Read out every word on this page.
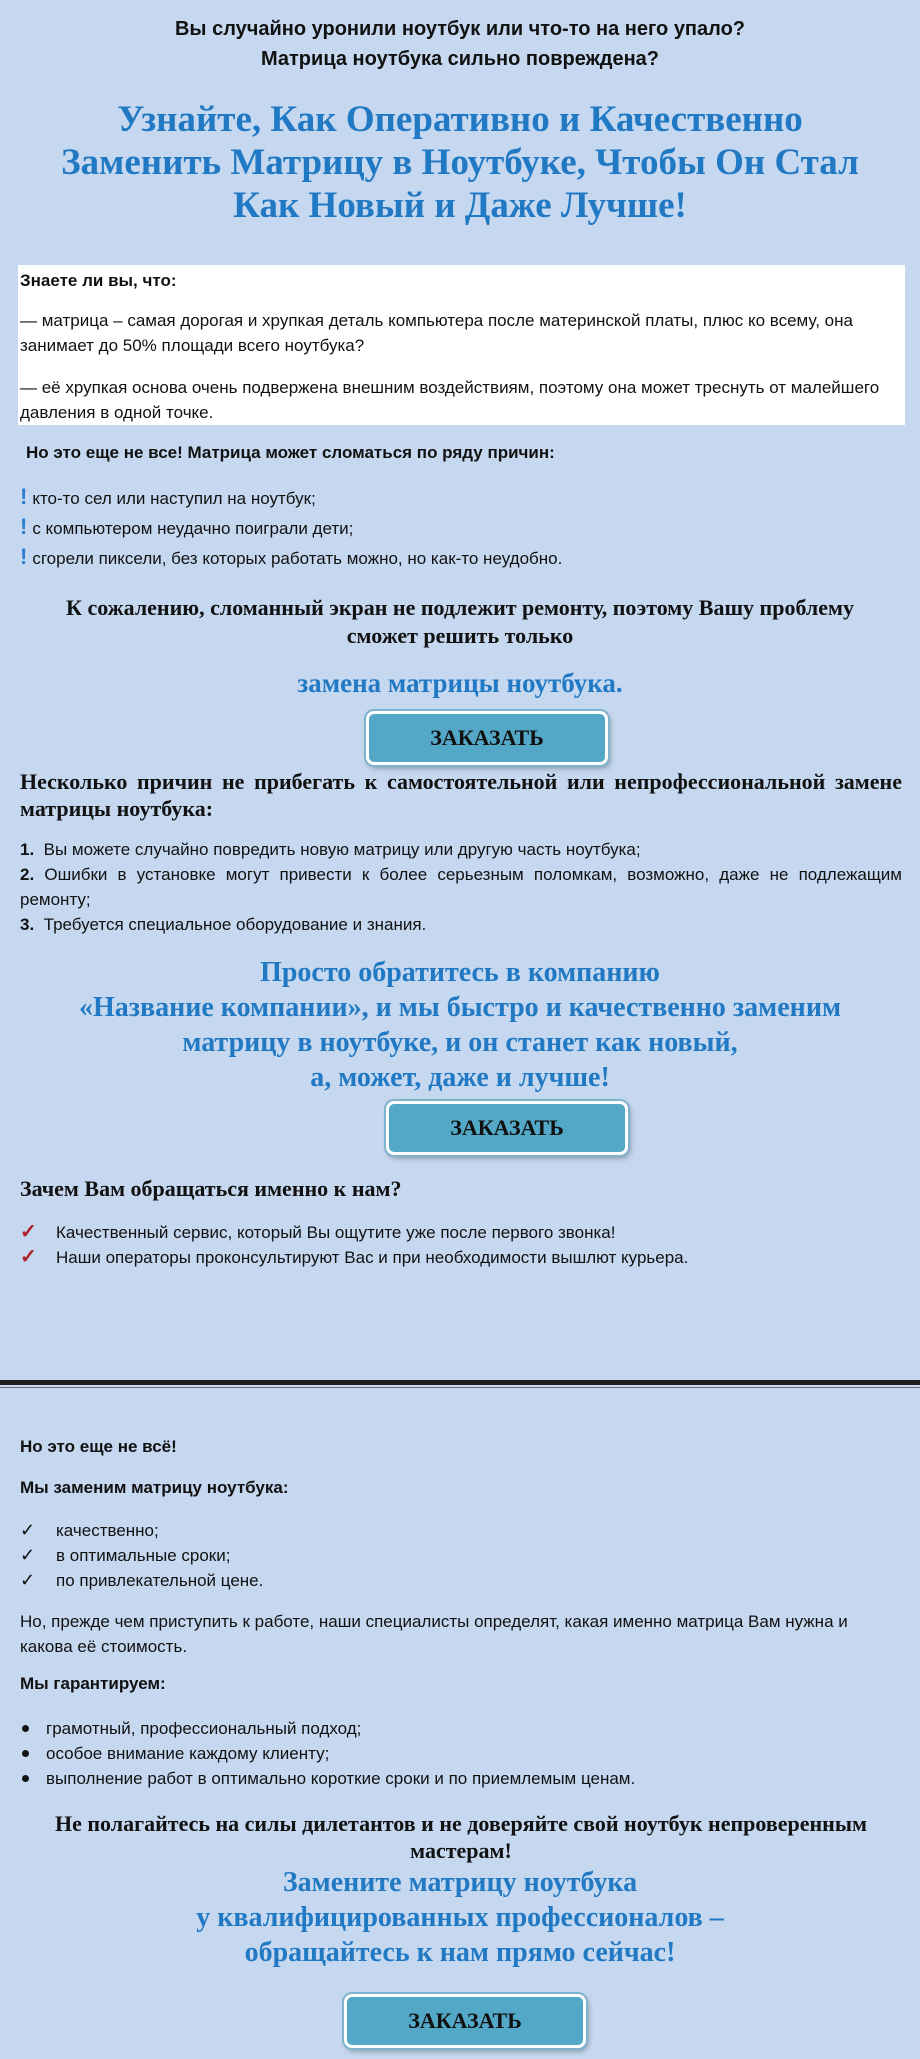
Вы случайно уронили ноутбук или что-то на него упало?
Матрица ноутбука сильно повреждена?
Узнайте, Как Оперативно и Качественно
Заменить Матрицу в Ноутбуке, Чтобы Он Стал
Как Новый и Даже Лучше!
Знаете ли вы, что:
— матрица – самая дорогая и хрупкая деталь компьютера после материнской платы, плюс ко всему, она занимает до 50% площади всего ноутбука?
— её хрупкая основа очень подвержена внешним воздействиям, поэтому она может треснуть от малейшего давления в одной точке.
Но это еще не все! Матрица может сломаться по ряду причин:
! кто-то сел или наступил на ноутбук;
! с компьютером неудачно поиграли дети;
! сгорели пиксели, без которых работать можно, но как-то неудобно.
К сожалению, сломанный экран не подлежит ремонту, поэтому Вашу проблему сможет решить только
замена матрицы ноутбука.
ЗАКАЗАТЬ
Несколько причин не прибегать к самостоятельной или непрофессиональной замене матрицы ноутбука:
1. Вы можете случайно повредить новую матрицу или другую часть ноутбука;
2. Ошибки в установке могут привести к более серьезным поломкам, возможно, даже не подлежащим ремонту;
3. Требуется специальное оборудование и знания.
Просто обратитесь в компанию
«Название компании», и мы быстро и качественно заменим
матрицу в ноутбуке, и он станет как новый,
а, может, даже и лучше!
ЗАКАЗАТЬ
Зачем Вам обращаться именно к нам?
✓ Качественный сервис, который Вы ощутите уже после первого звонка!
✓ Наши операторы проконсультируют Вас и при необходимости вышлют курьера.
Но это еще не всё!
Мы заменим матрицу ноутбука:
✓ качественно;
✓ в оптимальные сроки;
✓ по привлекательной цене.
Но, прежде чем приступить к работе, наши специалисты определят, какая именно матрица Вам нужна и какова её стоимость.
Мы гарантируем:
грамотный, профессиональный подход;
особое внимание каждому клиенту;
выполнение работ в оптимально короткие сроки и по приемлемым ценам.
Не полагайтесь на силы дилетантов и не доверяйте свой ноутбук непроверенным мастерам!
Замените матрицу ноутбука
у квалифицированных профессионалов –
обращайтесь к нам прямо сейчас!
ЗАКАЗАТЬ
